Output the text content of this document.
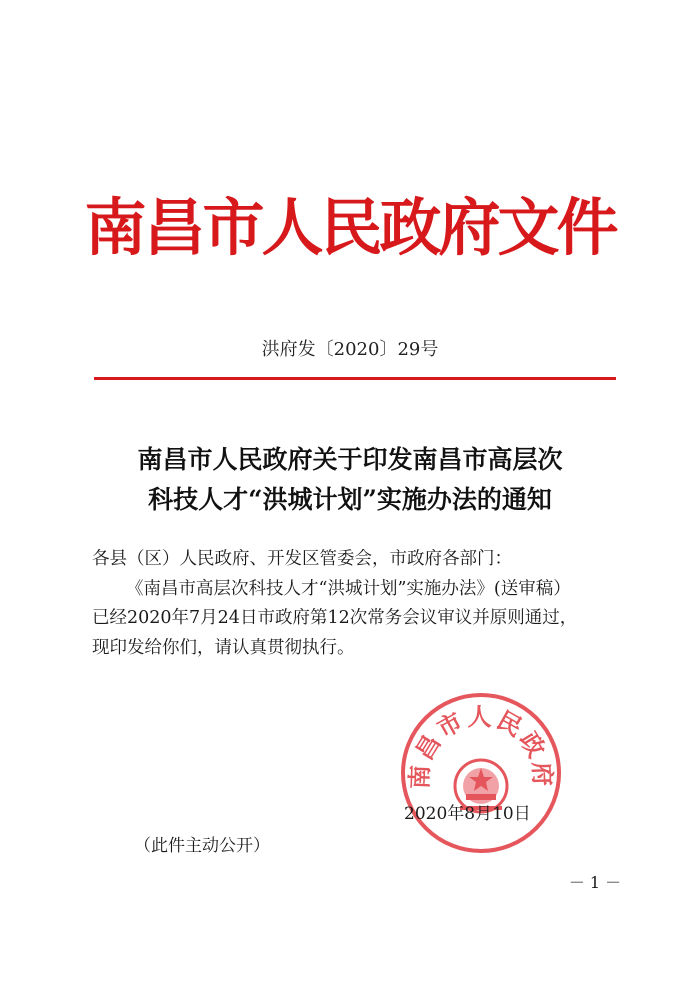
南昌市人民政府文件
洪府发〔2020〕29号
南昌市人民政府关于印发南昌市高层次
科技人才“洪城计划”实施办法的通知
各县（区）人民政府、开发区管委会，市政府各部门：
《南昌市高层次科技人才“洪城计划”实施办法》(送审稿）
已经2020年7月24日市政府第12次常务会议审议并原则通过，
现印发给你们，请认真贯彻执行。
南昌市人民政府
2020年8月10日
（此件主动公开）
－ 1 －
